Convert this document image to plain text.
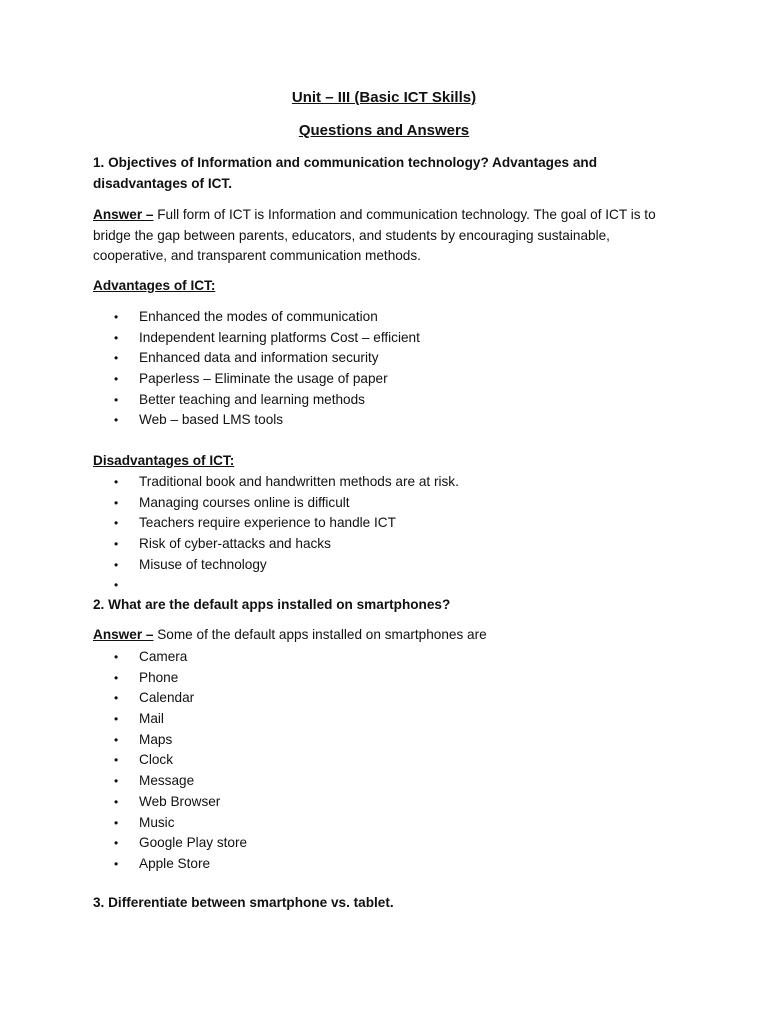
Unit – III (Basic ICT Skills)
Questions and Answers
1. Objectives of Information and communication technology? Advantages and
disadvantages of ICT.
Answer – Full form of ICT is Information and communication technology. The goal of ICT is to bridge the gap between parents, educators, and students by encouraging sustainable, cooperative, and transparent communication methods.
Advantages of ICT:
• Enhanced the modes of communication
• Independent learning platforms Cost – efficient
• Enhanced data and information security
• Paperless – Eliminate the usage of paper
• Better teaching and learning methods
• Web – based LMS tools
Disadvantages of ICT:
• Traditional book and handwritten methods are at risk.
• Managing courses online is difficult
• Teachers require experience to handle ICT
• Risk of cyber-attacks and hacks
• Misuse of technology
•
2. What are the default apps installed on smartphones?
Answer – Some of the default apps installed on smartphones are
• Camera
• Phone
• Calendar
• Mail
• Maps
• Clock
• Message
• Web Browser
• Music
• Google Play store
• Apple Store
3. Differentiate between smartphone vs. tablet.
